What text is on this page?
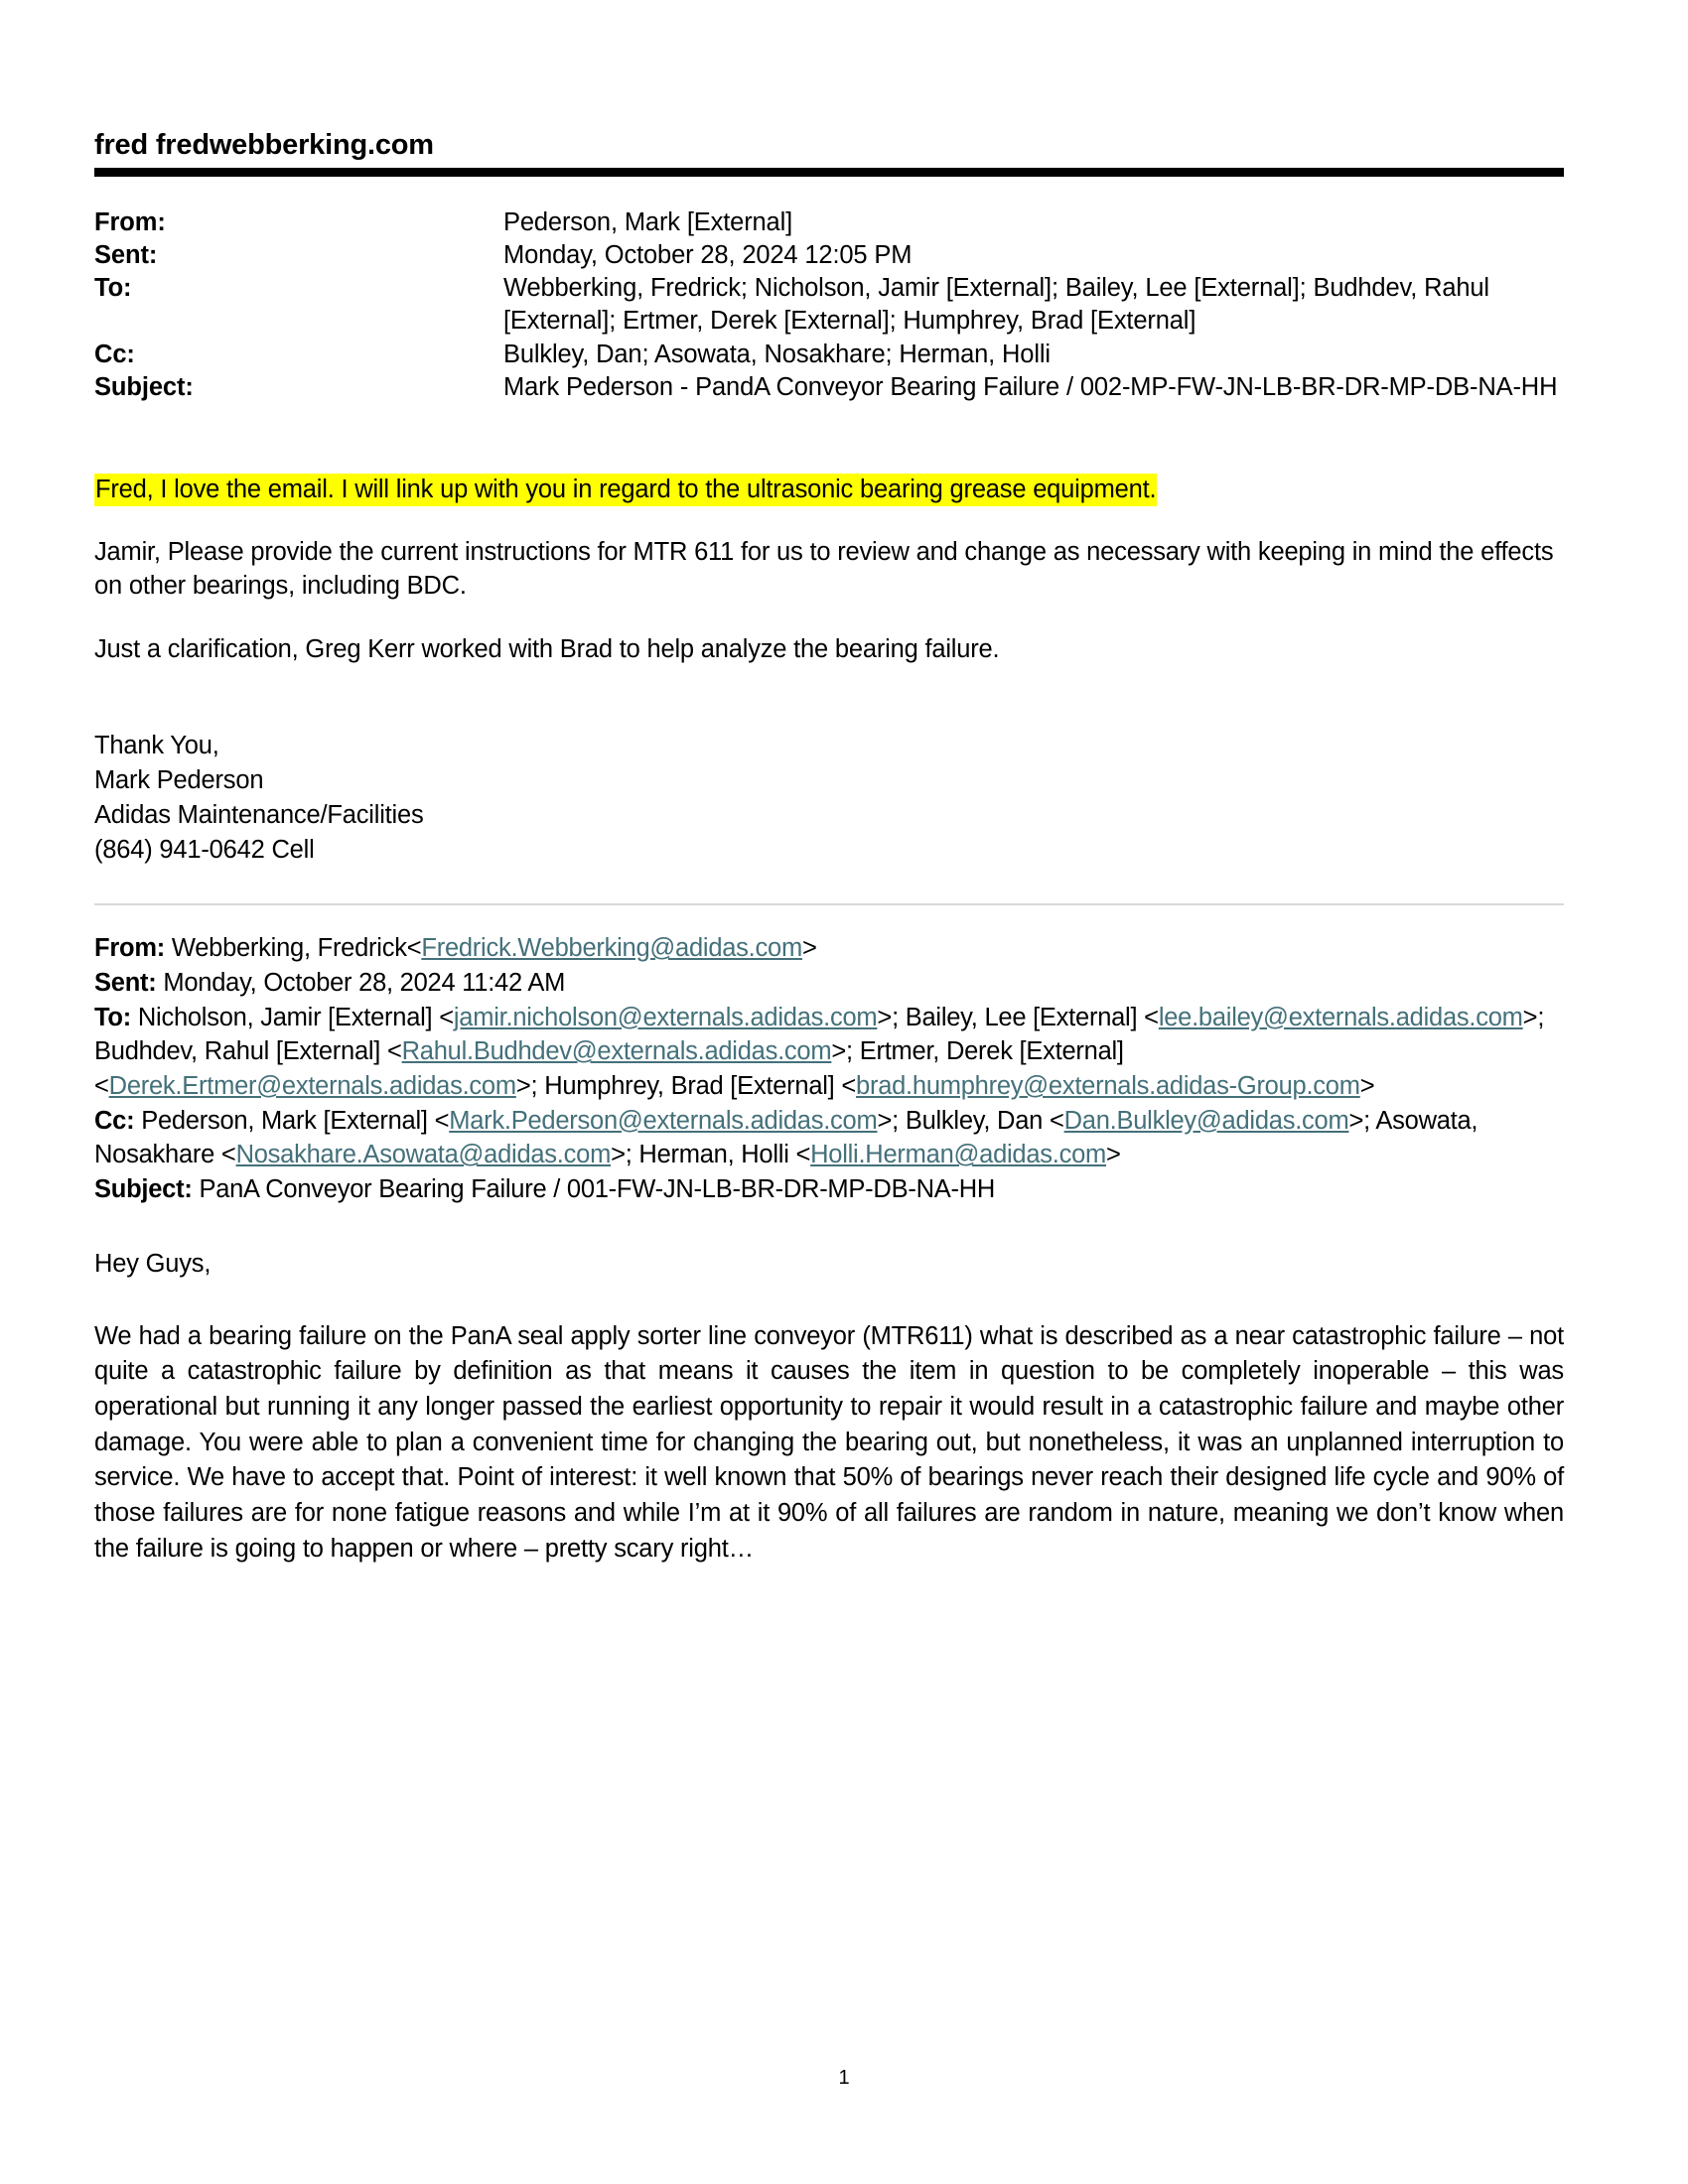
fred fredwebberking.com
From:	Pederson, Mark [External]
Sent:	Monday, October 28, 2024 12:05 PM
To:	Webberking, Fredrick; Nicholson, Jamir [External]; Bailey, Lee [External]; Budhdev, Rahul [External]; Ertmer, Derek [External]; Humphrey, Brad [External]
Cc:	Bulkley, Dan; Asowata, Nosakhare; Herman, Holli
Subject:	Mark Pederson - PandA Conveyor Bearing Failure / 002-MP-FW-JN-LB-BR-DR-MP-DB-NA-HH
Fred, I love the email. I will link up with you in regard to the ultrasonic bearing grease equipment.
Jamir, Please provide the current instructions for MTR 611 for us to review and change as necessary with keeping in mind the effects on other bearings, including BDC.
Just a clarification, Greg Kerr worked with Brad to help analyze the bearing failure.
Thank You,
Mark Pederson
Adidas Maintenance/Facilities
(864) 941-0642 Cell
From: Webberking, Fredrick<Fredrick.Webberking@adidas.com>
Sent: Monday, October 28, 2024 11:42 AM
To: Nicholson, Jamir [External] <jamir.nicholson@externals.adidas.com>; Bailey, Lee [External] <lee.bailey@externals.adidas.com>; Budhdev, Rahul [External] <Rahul.Budhdev@externals.adidas.com>; Ertmer, Derek [External] <Derek.Ertmer@externals.adidas.com>; Humphrey, Brad [External] <brad.humphrey@externals.adidas-Group.com>
Cc: Pederson, Mark [External] <Mark.Pederson@externals.adidas.com>; Bulkley, Dan <Dan.Bulkley@adidas.com>; Asowata, Nosakhare <Nosakhare.Asowata@adidas.com>; Herman, Holli <Holli.Herman@adidas.com>
Subject: PanA Conveyor Bearing Failure / 001-FW-JN-LB-BR-DR-MP-DB-NA-HH
Hey Guys,
We had a bearing failure on the PanA seal apply sorter line conveyor (MTR611) what is described as a near catastrophic failure – not quite a catastrophic failure by definition as that means it causes the item in question to be completely inoperable – this was operational but running it any longer passed the earliest opportunity to repair it would result in a catastrophic failure and maybe other damage. You were able to plan a convenient time for changing the bearing out, but nonetheless, it was an unplanned interruption to service. We have to accept that. Point of interest: it well known that 50% of bearings never reach their designed life cycle and 90% of those failures are for none fatigue reasons and while I’m at it 90% of all failures are random in nature, meaning we don’t know when the failure is going to happen or where – pretty scary right…
1
